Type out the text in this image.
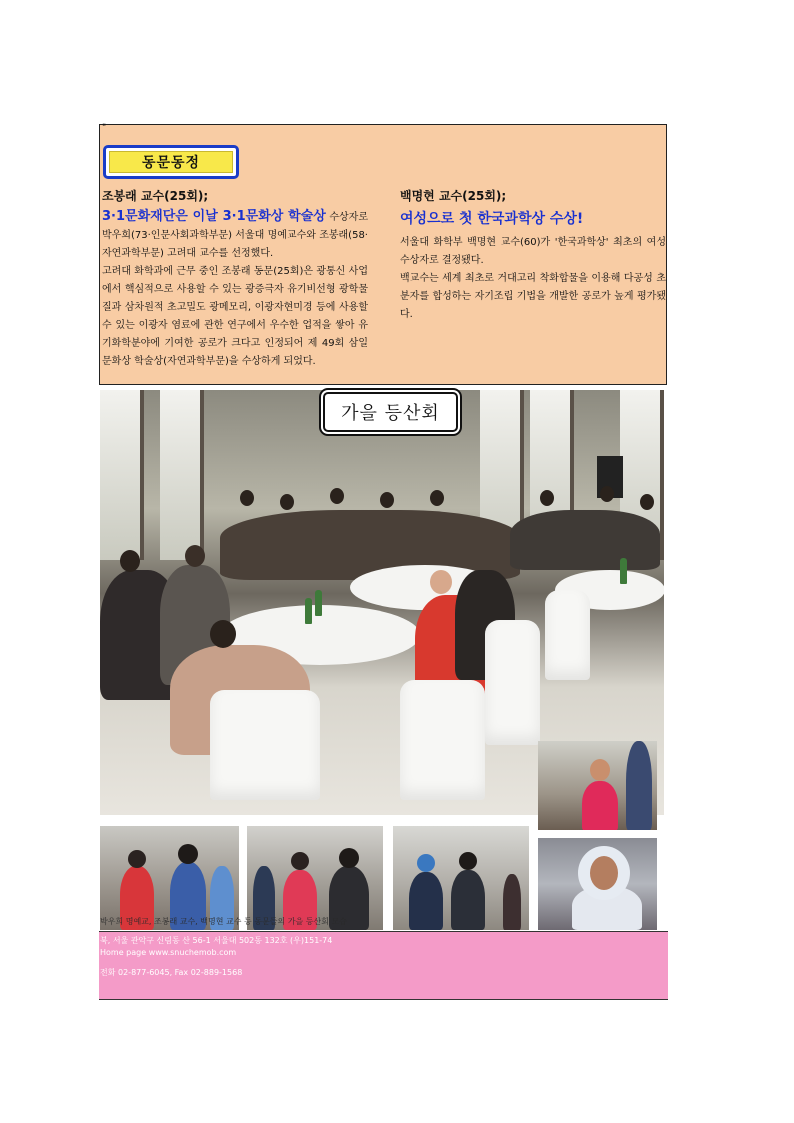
"
동문동정
조봉래 교수(25회);

3·1문화재단은 이날 3·1문화상 학술상 수상자로 박우희(73·인문사회과학부문) 서울대 명예교수와 조봉래(58·자연과학부문) 고려대 교수를 선정했다.

고려대 화학과에 근무 중인 조봉래 동문(25회)은 광통신 사업에서 핵심적으로 사용할 수 있는 광증극자 유기비선형 광학물질과 삼차원적 초고밀도 광메모리, 이광자현미경 등에 사용할 수 있는 이광자 염료에 관한 연구에서 우수한 업적을 쌓아 유기화학분야에 기여한 공로가 크다고 인정되어 제 49회 삼일 문화상 학술상(자연과학부문)을 수상하게 되었다.

백명현 교수(25회);
여성으로 첫 한국과학상 수상!

서울대 화학부 백명현 교수(60)가 '한국과학상' 최초의 여성 수상자로 결정됐다.

백교수는 세계 최초로 거대고리 착화합물을 이용해 다공성 초분자를 합성하는 자기조립 기법을 개발한 공로가 높게 평가됐다.

가을 등산회
박우희 명예교, 조봉래 교수, 백명현 교수 등 동문들의 가을 등산회 모습
북, 서울 관악구 신림동 산 56-1 서울대 502동 132호 (우)151-74
Home page www.snuchemob.com
전화 02-877-6045, Fax 02-889-1568
